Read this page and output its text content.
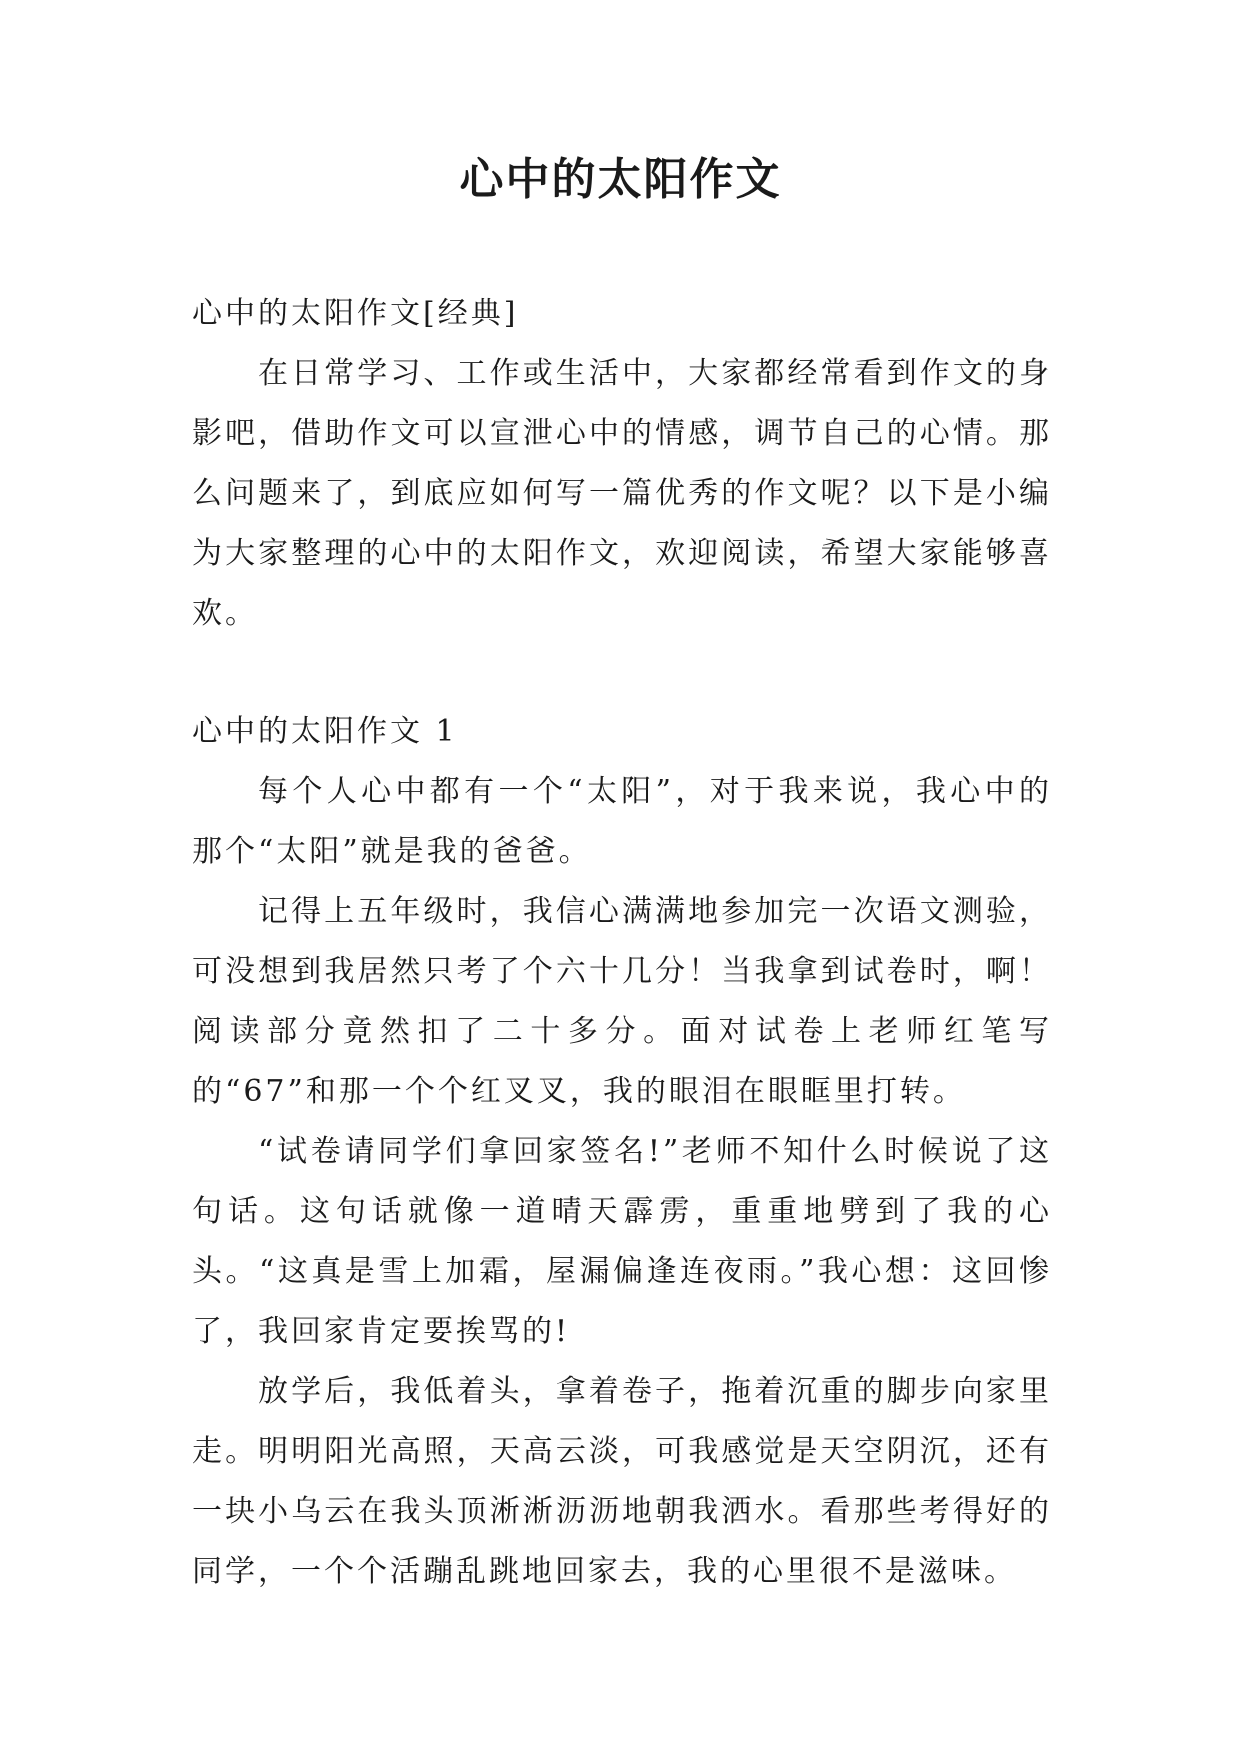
心中的太阳作文

心中的太阳作文[经典]

在日常学习、工作或生活中，大家都经常看到作文的身影吧，借助作文可以宣泄心中的情感，调节自己的心情。那么问题来了，到底应如何写一篇优秀的作文呢？以下是小编为大家整理的心中的太阳作文，欢迎阅读，希望大家能够喜欢。

心中的太阳作文 1

每个人心中都有一个“太阳”，对于我来说，我心中的那个“太阳”就是我的爸爸。

记得上五年级时，我信心满满地参加完一次语文测验，可没想到我居然只考了个六十几分！当我拿到试卷时，啊！阅读部分竟然扣了二十多分。面对试卷上老师红笔写的“67”和那一个个红叉叉，我的眼泪在眼眶里打转。

“试卷请同学们拿回家签名!”老师不知什么时候说了这句话。这句话就像一道晴天霹雳，重重地劈到了我的心头。“这真是雪上加霜，屋漏偏逢连夜雨。”我心想：这回惨了，我回家肯定要挨骂的!

放学后，我低着头，拿着卷子，拖着沉重的脚步向家里走。明明阳光高照，天高云淡，可我感觉是天空阴沉，还有一块小乌云在我头顶淅淅沥沥地朝我洒水。看那些考得好的同学，一个个活蹦乱跳地回家去，我的心里很不是滋味。
